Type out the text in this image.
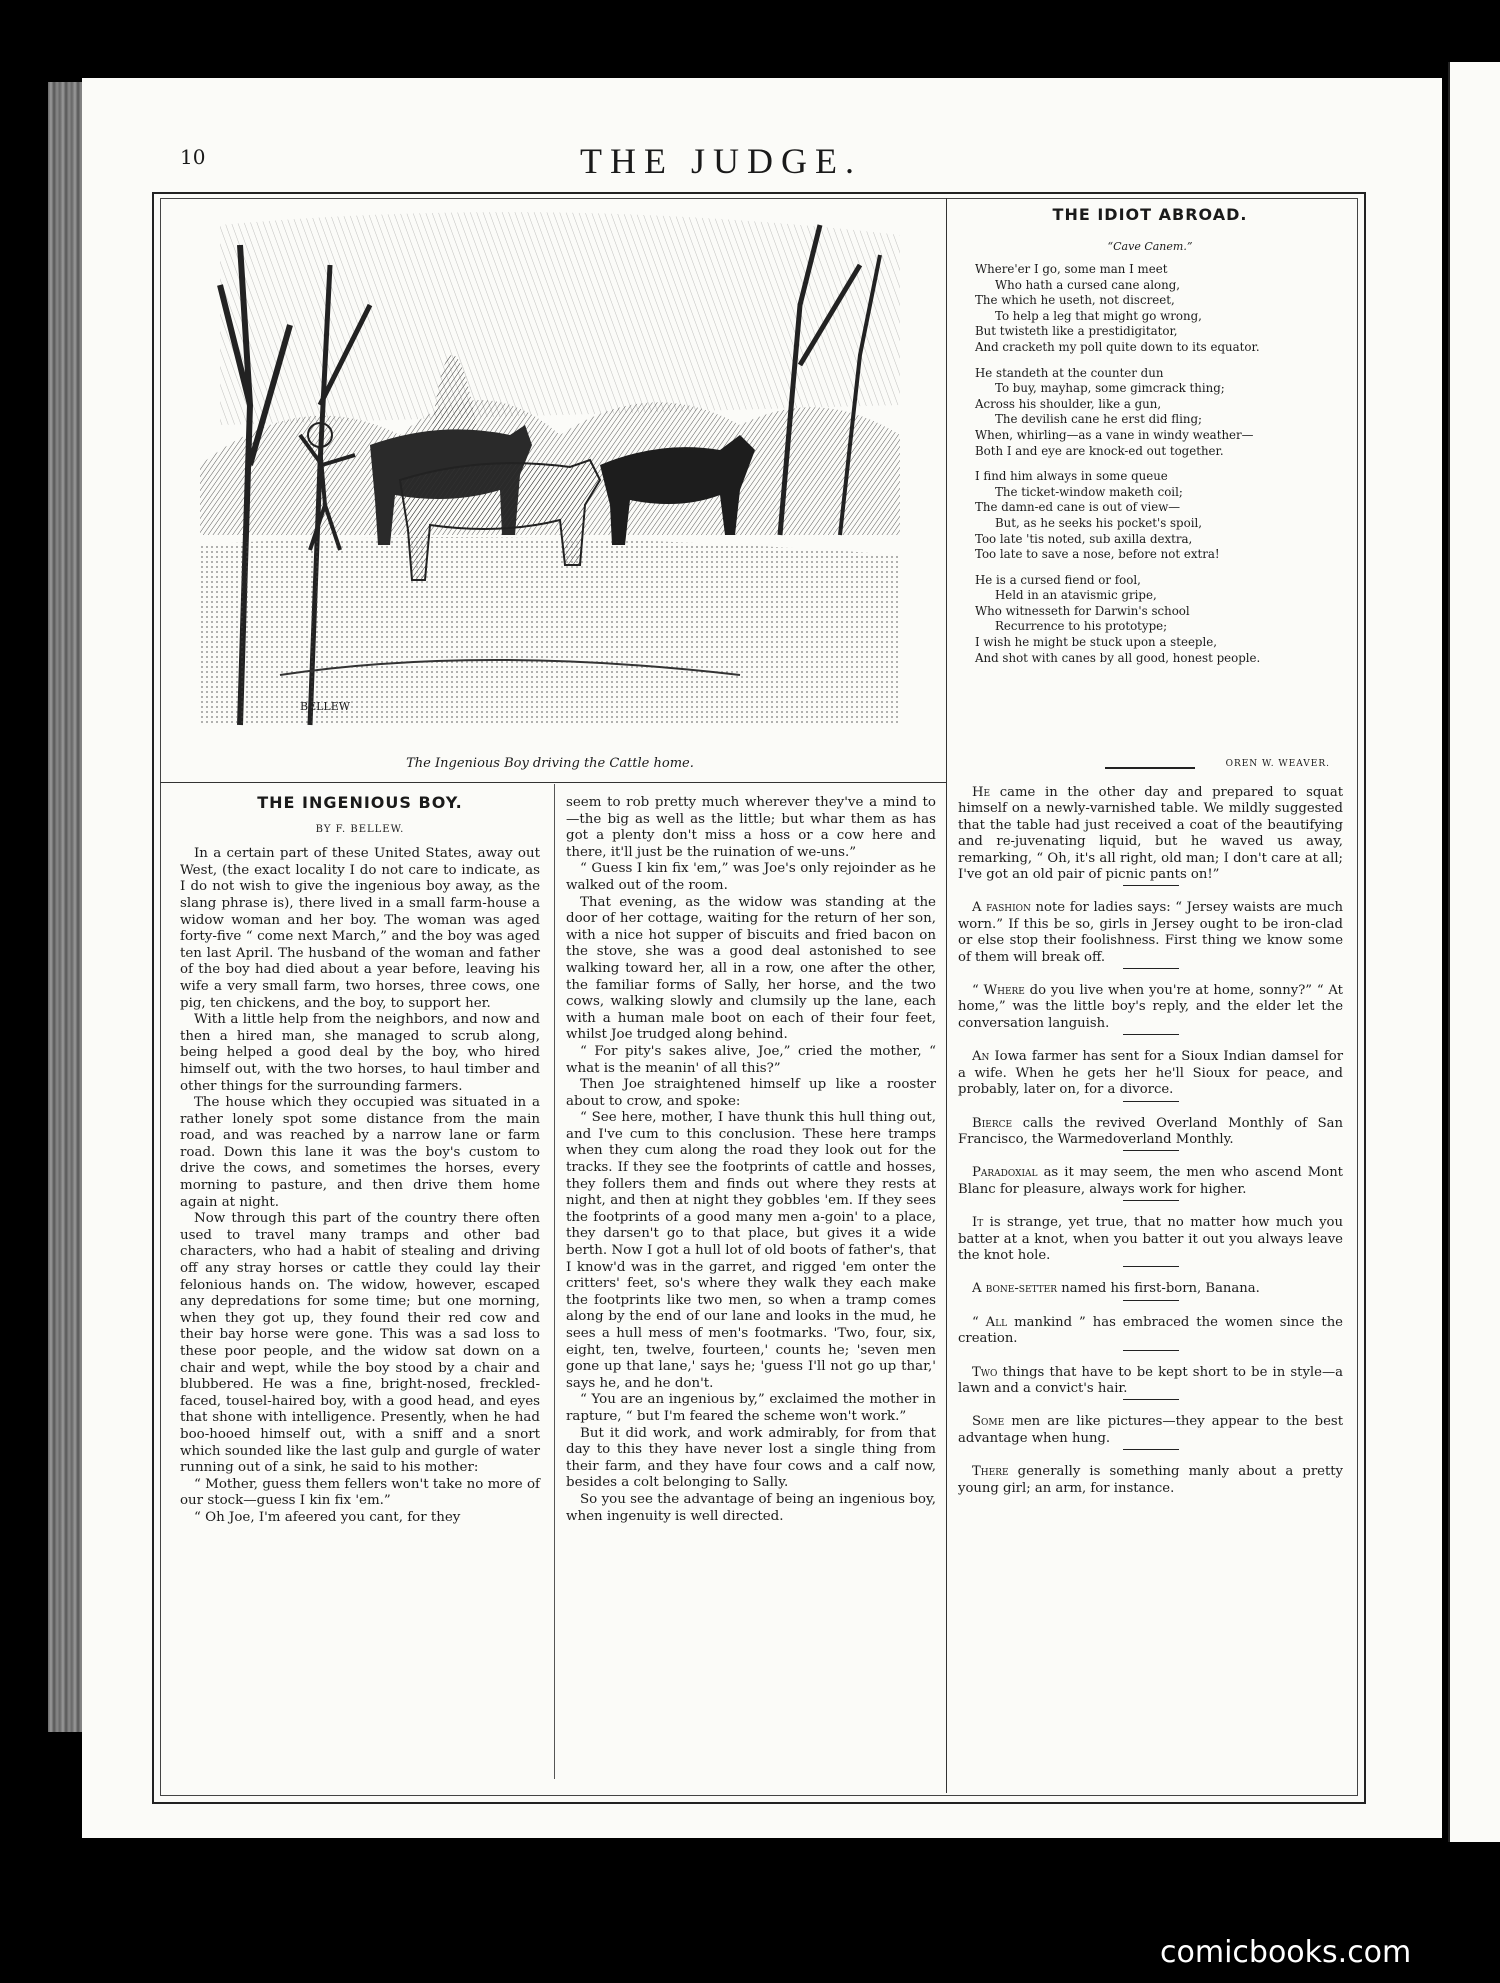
10	THE JUDGE.
BELLEW
The Ingenious Boy driving the Cattle home.
THE INGENIOUS BOY.
BY F. BELLEW.

In a certain part of these United States, away out West, (the exact locality I do not care to indicate, as I do not wish to give the ingenious boy away, as the slang phrase is), there lived in a small farm-house a widow woman and her boy. The woman was aged forty-five “ come next March,” and the boy was aged ten last April. The husband of the woman and father of the boy had died about a year before, leaving his wife a very small farm, two horses, three cows, one pig, ten chickens, and the boy, to support her.

With a little help from the neighbors, and now and then a hired man, she managed to scrub along, being helped a good deal by the boy, who hired himself out, with the two horses, to haul timber and other things for the surrounding farmers.

The house which they occupied was situated in a rather lonely spot some distance from the main road, and was reached by a narrow lane or farm road. Down this lane it was the boy's custom to drive the cows, and sometimes the horses, every morning to pasture, and then drive them home again at night.

Now through this part of the country there often used to travel many tramps and other bad characters, who had a habit of stealing and driving off any stray horses or cattle they could lay their felonious hands on. The widow, however, escaped any depredations for some time; but one morning, when they got up, they found their red cow and their bay horse were gone. This was a sad loss to these poor people, and the widow sat down on a chair and wept, while the boy stood by a chair and blubbered. He was a fine, bright-nosed, freckled-faced, tousel-haired boy, with a good head, and eyes that shone with intelligence. Presently, when he had boo-hooed himself out, with a sniff and a snort which sounded like the last gulp and gurgle of water running out of a sink, he said to his mother:

“ Mother, guess them fellers won't take no more of our stock—guess I kin fix 'em.”

“ Oh Joe, I'm afeered you cant, for they

seem to rob pretty much wherever they've a mind to—the big as well as the little; but whar them as has got a plenty don't miss a hoss or a cow here and there, it'll just be the ruination of we-uns.”

“ Guess I kin fix 'em,” was Joe's only rejoinder as he walked out of the room.

That evening, as the widow was standing at the door of her cottage, waiting for the return of her son, with a nice hot supper of biscuits and fried bacon on the stove, she was a good deal astonished to see walking toward her, all in a row, one after the other, the familiar forms of Sally, her horse, and the two cows, walking slowly and clumsily up the lane, each with a human male boot on each of their four feet, whilst Joe trudged along behind.

“ For pity's sakes alive, Joe,” cried the mother, “ what is the meanin' of all this?”

Then Joe straightened himself up like a rooster about to crow, and spoke:

“ See here, mother, I have thunk this hull thing out, and I've cum to this conclusion. These here tramps when they cum along the road they look out for the tracks. If they see the footprints of cattle and hosses, they follers them and finds out where they rests at night, and then at night they gobbles 'em. If they sees the footprints of a good many men a-goin' to a place, they darsen't go to that place, but gives it a wide berth. Now I got a hull lot of old boots of father's, that I know'd was in the garret, and rigged 'em onter the critters' feet, so's where they walk they each make the footprints like two men, so when a tramp comes along by the end of our lane and looks in the mud, he sees a hull mess of men's footmarks. 'Two, four, six, eight, ten, twelve, fourteen,' counts he; 'seven men gone up that lane,' says he; 'guess I'll not go up thar,' says he, and he don't.

“ You are an ingenious by,” exclaimed the mother in rapture, “ but I'm feared the scheme won't work.”

But it did work, and work admirably, for from that day to this they have never lost a single thing from their farm, and they have four cows and a calf now, besides a colt belonging to Sally.

So you see the advantage of being an ingenious boy, when ingenuity is well directed.

THE IDIOT ABROAD.
“Cave Canem.”
Where'er I go, some man I meet
Who hath a cursed cane along,
The which he useth, not discreet,
To help a leg that might go wrong,
But twisteth like a prestidigitator,
And cracketh my poll quite down to its equator.
He standeth at the counter dun
To buy, mayhap, some gimcrack thing;
Across his shoulder, like a gun,
The devilish cane he erst did fling;
When, whirling—as a vane in windy weather—
Both I and eye are knock-ed out together.
I find him always in some queue
The ticket-window maketh coil;
The damn-ed cane is out of view—
But, as he seeks his pocket's spoil,
Too late 'tis noted, sub axilla dextra,
Too late to save a nose, before not extra!
He is a cursed fiend or fool,
Held in an atavismic gripe,
Who witnesseth for Darwin's school
Recurrence to his prototype;
I wish he might be stuck upon a steeple,
And shot with canes by all good, honest people.
OREN W. WEAVER.

He came in the other day and prepared to squat himself on a newly-varnished table. We mildly suggested that the table had just received a coat of the beautifying and re-juvenating liquid, but he waved us away, remarking, “ Oh, it's all right, old man; I don't care at all; I've got an old pair of picnic pants on!”

A fashion note for ladies says: “ Jersey waists are much worn.” If this be so, girls in Jersey ought to be iron-clad or else stop their foolishness. First thing we know some of them will break off.

“ Where do you live when you're at home, sonny?” “ At home,” was the little boy's reply, and the elder let the conversation languish.

An Iowa farmer has sent for a Sioux Indian damsel for a wife. When he gets her he'll Sioux for peace, and probably, later on, for a divorce.

Bierce calls the revived Overland Monthly of San Francisco, the Warmedoverland Monthly.

Paradoxial as it may seem, the men who ascend Mont Blanc for pleasure, always work for higher.

It is strange, yet true, that no matter how much you batter at a knot, when you batter it out you always leave the knot hole.

A bone-setter named his first-born, Banana.

“ All mankind ” has embraced the women since the creation.

Two things that have to be kept short to be in style—a lawn and a convict's hair.

Some men are like pictures—they appear to the best advantage when hung.

There generally is something manly about a pretty young girl; an arm, for instance.

comicbooks.com
